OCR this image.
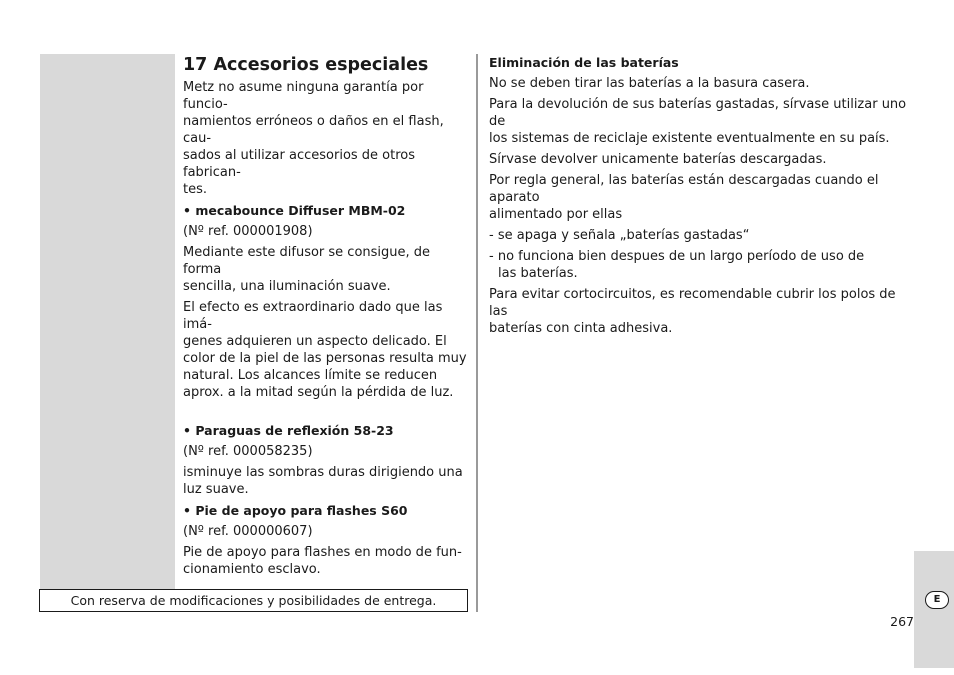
17 Accesorios especiales

Metz no asume ninguna garantía por funcio-
namientos erróneos o daños en el flash, cau-
sados al utilizar accesorios de otros fabrican-
tes.

• mecabounce Diffuser MBM-02

(Nº ref. 000001908)

Mediante este difusor se consigue, de forma
sencilla, una iluminación suave.

El efecto es extraordinario dado que las imá-
genes adquieren un aspecto delicado. El
color de la piel de las personas resulta muy
natural. Los alcances límite se reducen
aprox. a la mitad según la pérdida de luz.

• Paraguas de reflexión 58-23

(Nº ref. 000058235)

isminuye las sombras duras dirigiendo una
luz suave.

• Pie de apoyo para flashes S60

(Nº ref. 000000607)

Pie de apoyo para flashes en modo de fun-
cionamiento esclavo.

Eliminación de las baterías

No se deben tirar las baterías a la basura casera.

Para la devolución de sus baterías gastadas, sírvase utilizar uno de
los sistemas de reciclaje existente eventualmente en su país.

Sírvase devolver unicamente baterías descargadas.

Por regla general, las baterías están descargadas cuando el aparato
alimentado por ellas

- se apaga y señala „baterías gastadas“

- no funciona bien despues de un largo período de uso de
las baterías.

Para evitar cortocircuitos, es recomendable cubrir los polos de las
baterías con cinta adhesiva.

Con reserva de modificaciones y posibilidades de entrega.	E
267
